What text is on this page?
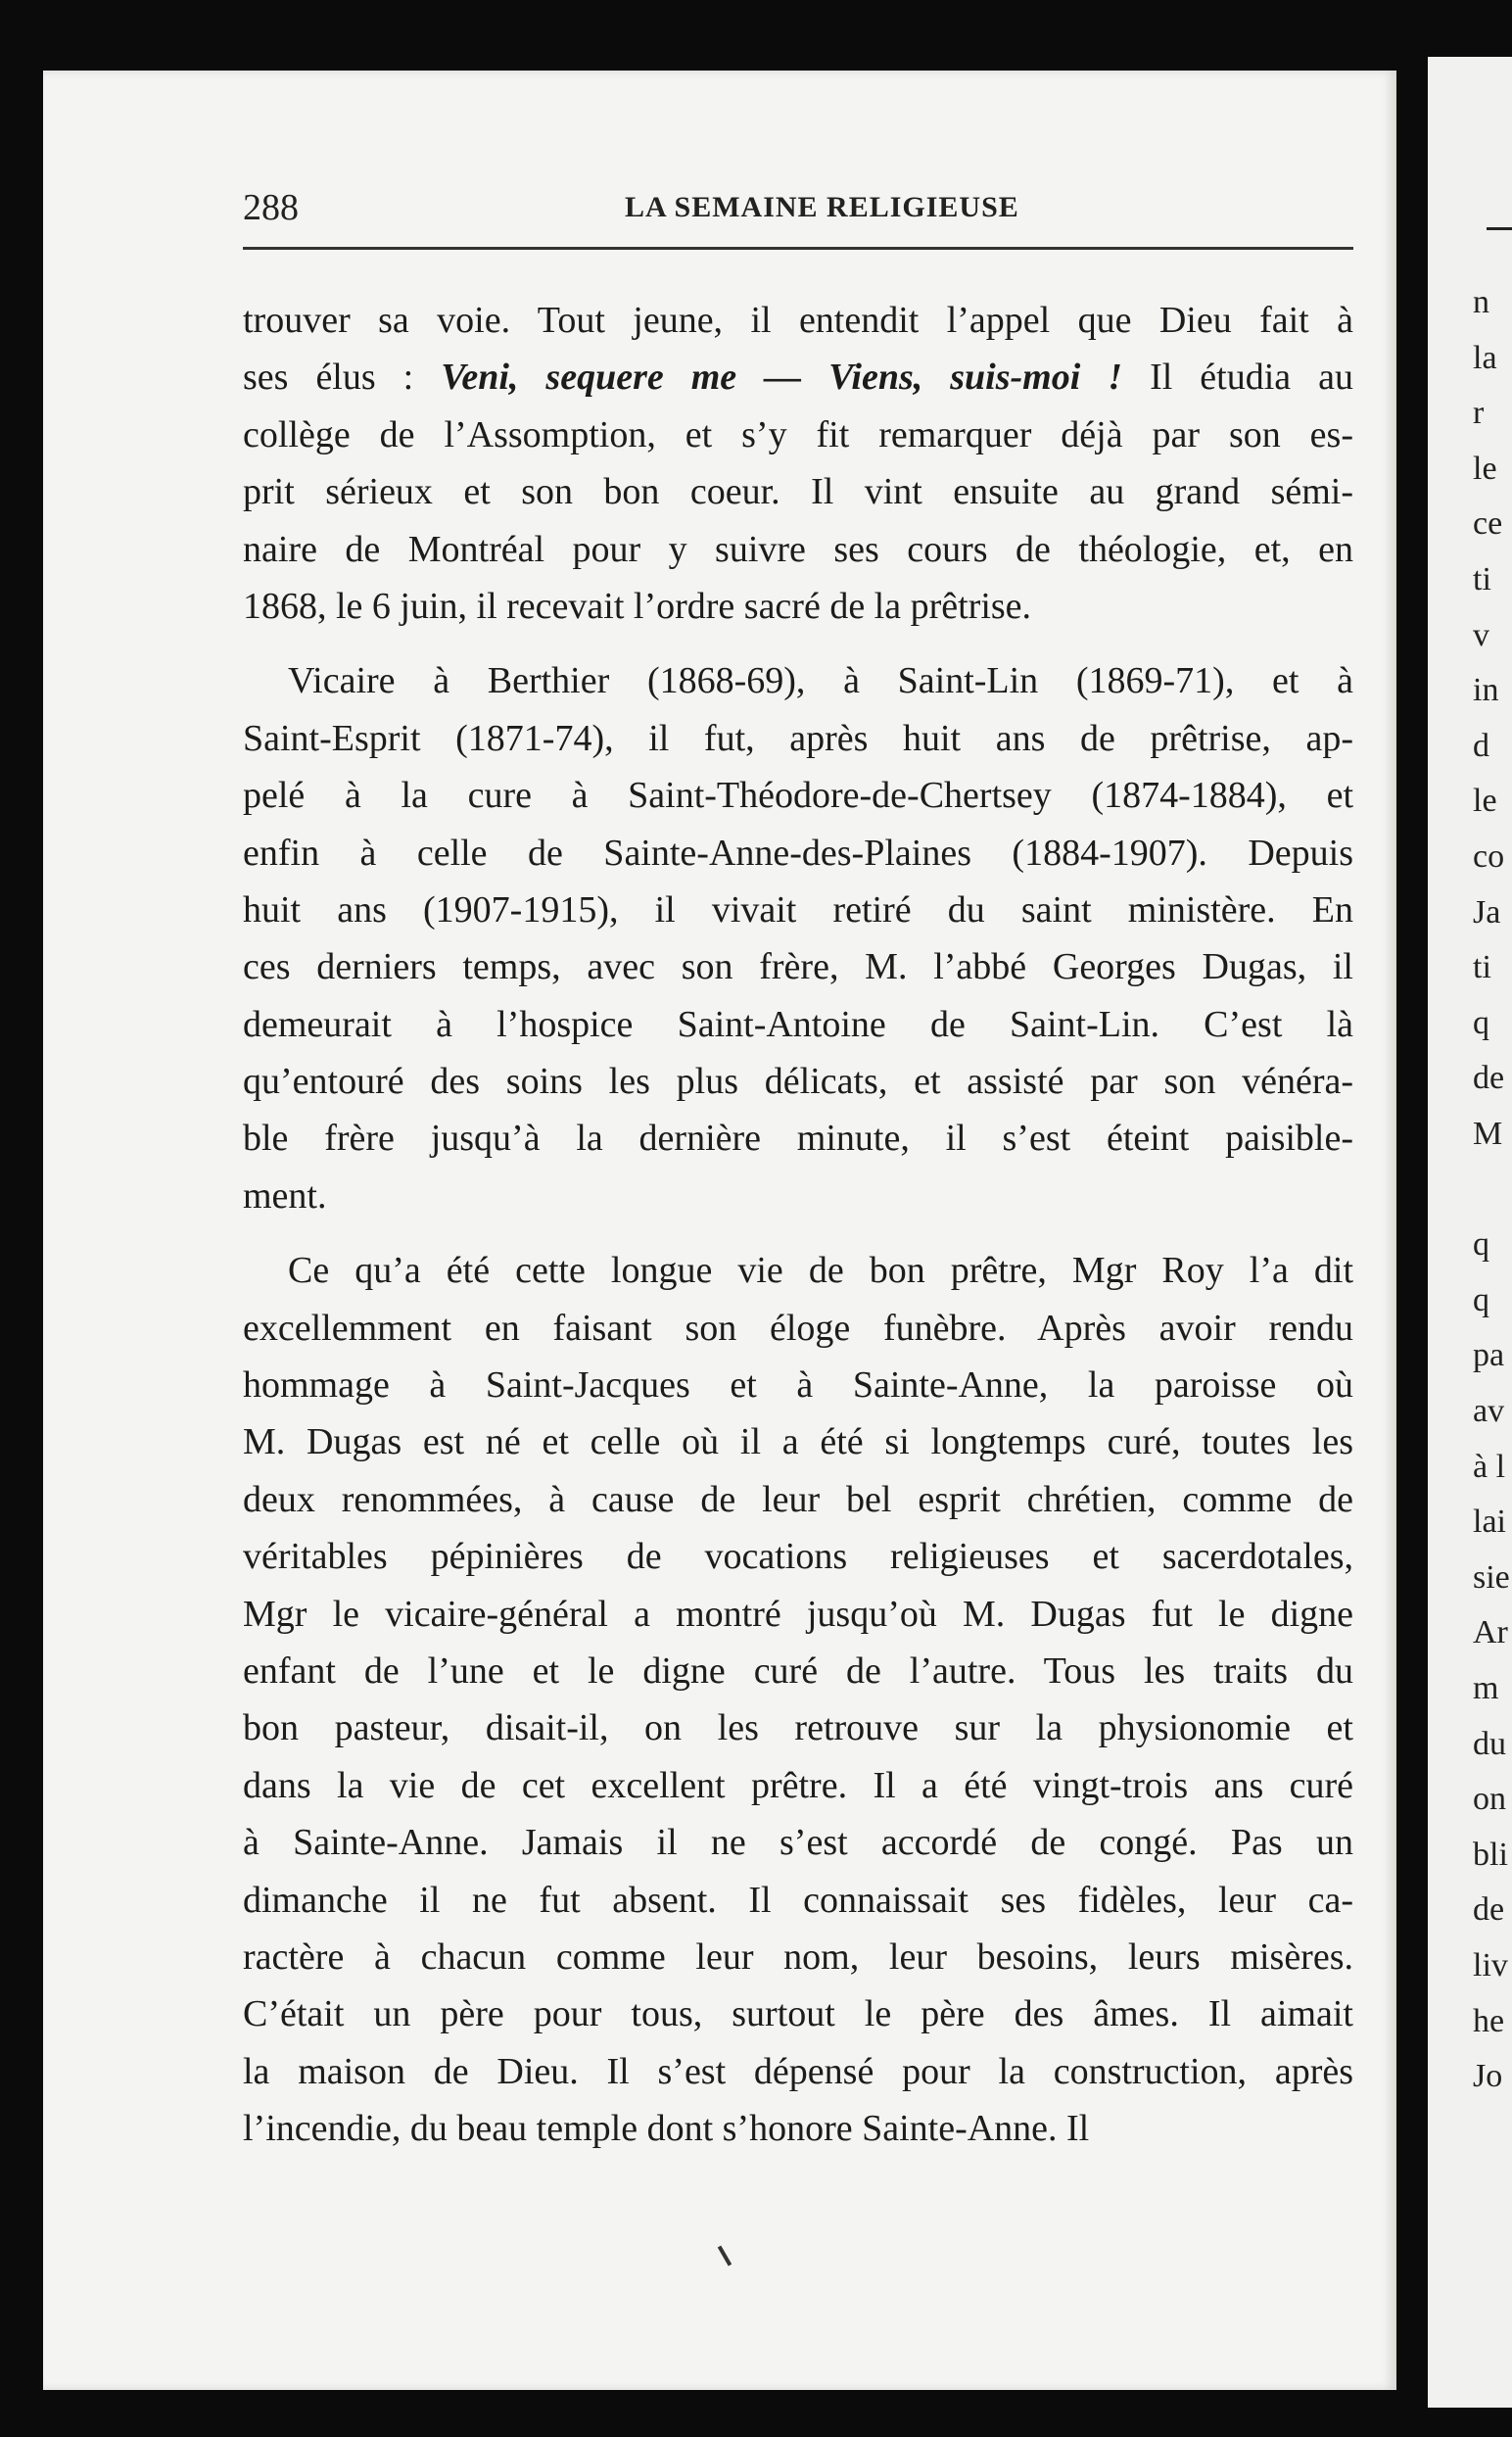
n
la
r
le
ce
ti
v
in
d
le
co
Ja
ti
q
de
M
q
q
pa
av
à l
lai
sie
Ar
m
du
on
bli
de
liv
he
Jo
288	LA SEMAINE RELIGIEUSE
trouver sa voie. Tout jeune, il entendit l’appel que Dieu fait à
ses élus : Veni, sequere me — Viens, suis-moi ! Il étudia au
collège de l’Assomption, et s’y fit remarquer déjà par son es-
prit sérieux et son bon coeur. Il vint ensuite au grand sémi-
naire de Montréal pour y suivre ses cours de théologie, et, en
1868, le 6 juin, il recevait l’ordre sacré de la prêtrise.
Vicaire à Berthier (1868-69), à Saint-Lin (1869-71), et à
Saint-Esprit (1871-74), il fut, après huit ans de prêtrise, ap-
pelé à la cure à Saint-Théodore-de-Chertsey (1874-1884), et
enfin à celle de Sainte-Anne-des-Plaines (1884-1907). Depuis
huit ans (1907-1915), il vivait retiré du saint ministère. En
ces derniers temps, avec son frère, M. l’abbé Georges Dugas, il
demeurait à l’hospice Saint-Antoine de Saint-Lin. C’est là
qu’entouré des soins les plus délicats, et assisté par son vénéra-
ble frère jusqu’à la dernière minute, il s’est éteint paisible-
ment.
Ce qu’a été cette longue vie de bon prêtre, Mgr Roy l’a dit
excellemment en faisant son éloge funèbre. Après avoir rendu
hommage à Saint-Jacques et à Sainte-Anne, la paroisse où
M. Dugas est né et celle où il a été si longtemps curé, toutes les
deux renommées, à cause de leur bel esprit chrétien, comme de
véritables pépinières de vocations religieuses et sacerdotales,
Mgr le vicaire-général a montré jusqu’où M. Dugas fut le digne
enfant de l’une et le digne curé de l’autre. Tous les traits du
bon pasteur, disait-il, on les retrouve sur la physionomie et
dans la vie de cet excellent prêtre. Il a été vingt-trois ans curé
à Sainte-Anne. Jamais il ne s’est accordé de congé. Pas un
dimanche il ne fut absent. Il connaissait ses fidèles, leur ca-
ractère à chacun comme leur nom, leur besoins, leurs misères.
C’était un père pour tous, surtout le père des âmes. Il aimait
la maison de Dieu. Il s’est dépensé pour la construction, après
l’incendie, du beau temple dont s’honore Sainte-Anne. Il
